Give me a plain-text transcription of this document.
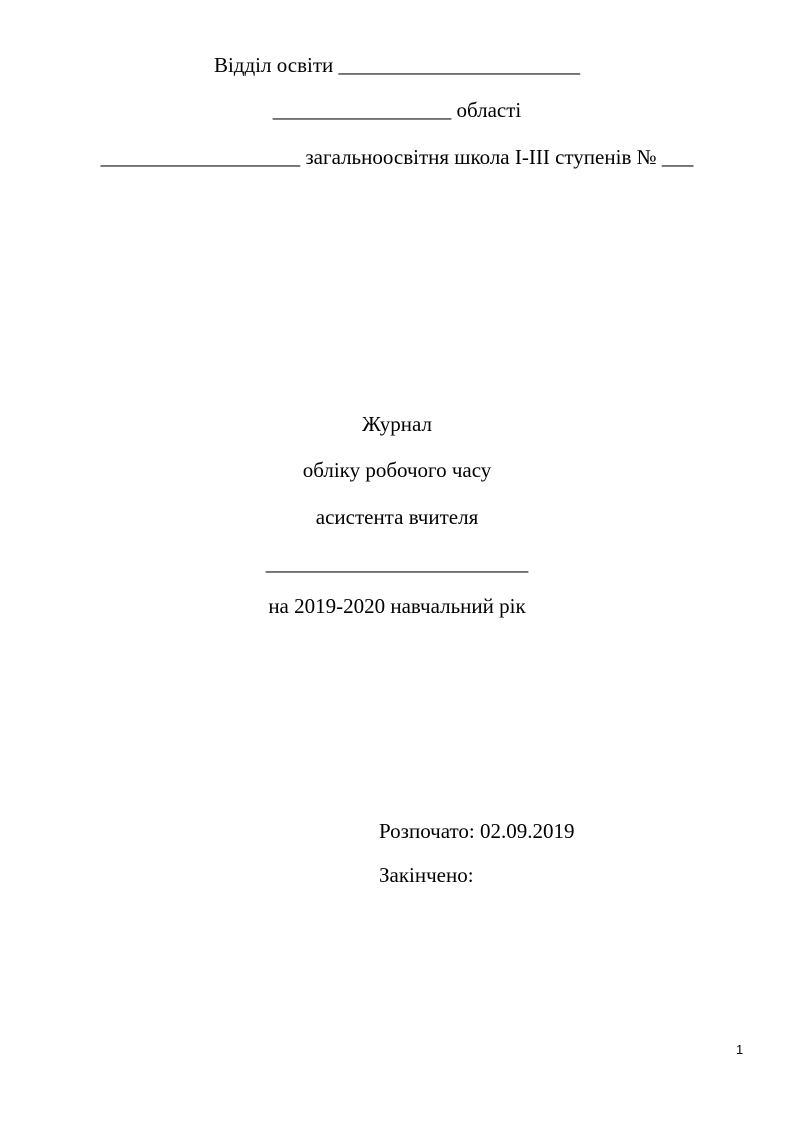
Відділ освіти _______________________
_________________ області
___________________ загальноосвітня школа І-ІІІ ступенів № ___
Журнал
обліку робочого часу
асистента вчителя
_________________________
на 2019-2020 навчальний рік
Розпочато: 02.09.2019
Закінчено:
1
